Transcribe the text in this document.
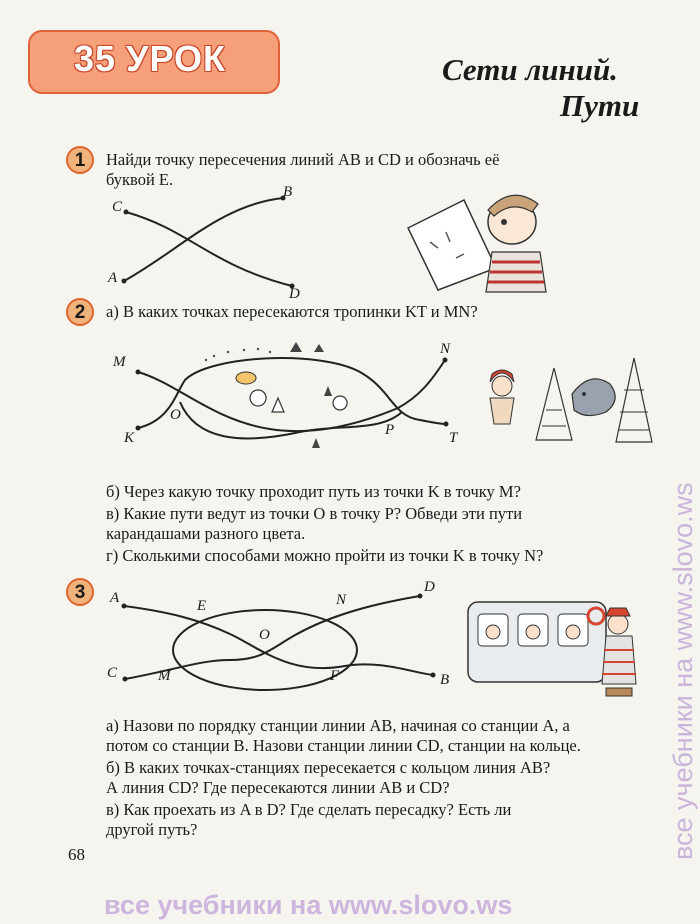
35 УРОК	Сети линий.
Пути
1	Найди точку пересечения линий AB и CD и обозначь её
буквой E.
C
B
A
D
2	а) В каких точках пересекаются тропинки KT и MN?
M
N
O
P
K	T
б) Через какую точку проходит путь из точки K в точку M?
в) Какие пути ведут из точки O в точку P? Обведи эти пути
карандашами разного цвета.
г) Сколькими способами можно пройти из точки K в точку N?
3	A	E	N
D
O
C	M	F	B
а) Назови по порядку станции линии AB, начиная со станции A, а
потом со станции B. Назови станции линии CD, станции на кольце.
б) В каких точках-станциях пересекается с кольцом линия AB?
А линия CD? Где пересекаются линии AB и CD?
в) Как проехать из A в D? Где сделать пересадку? Есть ли
другой путь?
68	все учебники на www.slovo.ws
все учебники на www.slovo.ws
